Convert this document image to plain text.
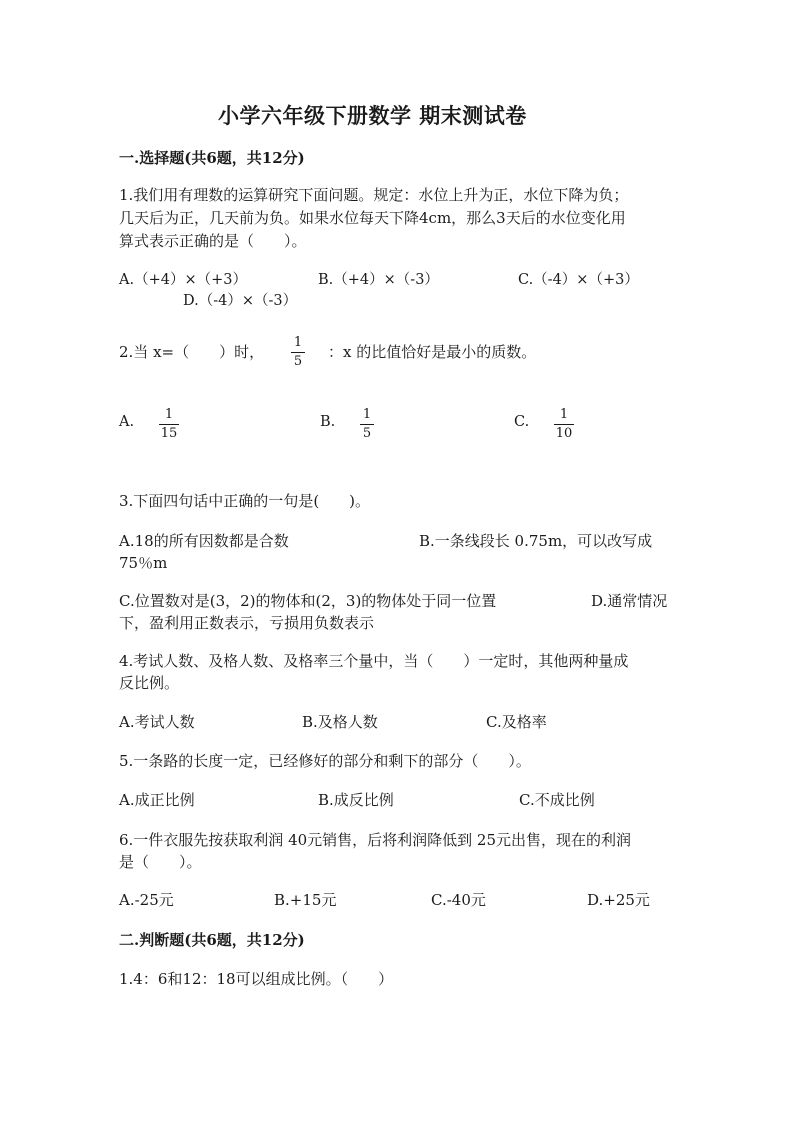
小学六年级下册数学 期末测试卷
一.选择题(共6题，共12分)
1.我们用有理数的运算研究下面问题。规定：水位上升为正，水位下降为负；
几天后为正，几天前为负。如果水位每天下降4cm，那么3天后的水位变化用
算式表示正确的是（　　）。
A.（+4）×（+3）	B.（+4）×（-3）	C.（-4）×（+3）
D.（-4）×（-3）
2.当 x=（　　）时，
1
5
：x 的比值恰好是最小的质数。
A. 1
15
B. 1
5
C. 1
10
3.下面四句话中正确的一句是(　　)。
A.18的所有因数都是合数	B.一条线段长 0.75m，可以改写成
75％m
C.位置数对是(3，2)的物体和(2，3)的物体处于同一位置	D.通常情况
下，盈利用正数表示，亏损用负数表示
4.考试人数、及格人数、及格率三个量中，当（　　）一定时，其他两种量成
反比例。
A.考试人数	B.及格人数	C.及格率
5.一条路的长度一定，已经修好的部分和剩下的部分（　　）。
A.成正比例	B.成反比例	C.不成比例
6.一件衣服先按获取利润 40元销售，后将利润降低到 25元出售，现在的利润
是（　　）。
A.-25元	B.+15元	C.-40元	D.+25元
二.判断题(共6题，共12分)
1.4：6和12：18可以组成比例。（　　）
